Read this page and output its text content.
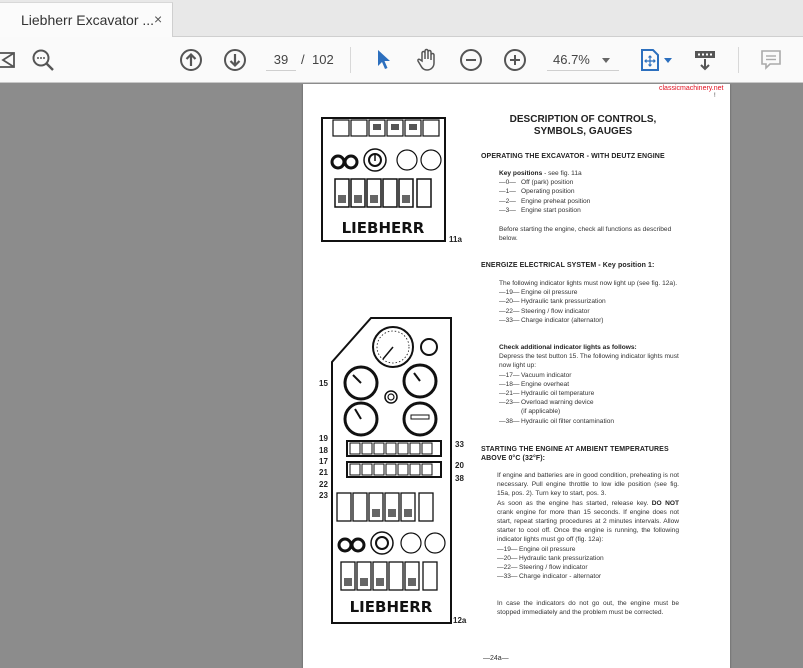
Liebherr Excavator ... ×
39
/ 102	46.7%
classicmachinery.net
!
DESCRIPTION OF CONTROLS,
SYMBOLS, GAUGES
OPERATING THE EXCAVATOR - WITH DEUTZ ENGINE
Key positions - see fig. 11a
—0— Off (park) position
—1— Operating position
—2— Engine preheat position
—3— Engine start position
Before starting the engine, check all functions as described below.
ENERGIZE ELECTRICAL SYSTEM - Key position 1:
The following indicator lights must now light up (see fig. 12a).
—19—Engine oil pressure
—20—Hydraulic tank pressurization
—22—Steering / flow indicator
—33—Charge indicator (alternator)
Check additional indicator lights as follows:
Depress the test button 15. The following indicator lights must now light up:
—17—Vacuum indicator
—18—Engine overheat
—21—Hydraulic oil temperature
—23—Overload warning device
(if applicable)
—38—Hydraulic oil filter contamination
STARTING THE ENGINE AT AMBIENT TEMPERATURES
ABOVE 0°C (32°F):
If engine and batteries are in good condition, preheating is not necessary. Pull engine throttle to low idle position (see fig. 15a, pos. 2). Turn key to start, pos. 3.
As soon as the engine has started, release key. DO NOT crank engine for more than 15 seconds. If engine does not start, repeat starting procedures at 2 minutes intervals. Allow starter to cool off. Once the engine is running, the following indicator lights must go off (fig. 12a):
—19—Engine oil pressure
—20—Hydraulic tank pressurization
—22—Steering / flow indicator
—33—Charge indicator - alternator
In case the indicators do not go out, the engine must be stopped immediately and the problem must be corrected.
—24a—
LIEBHERR
11a
LIEBHERR
12a
15
19
18
17
21
22
23
33
20
38
